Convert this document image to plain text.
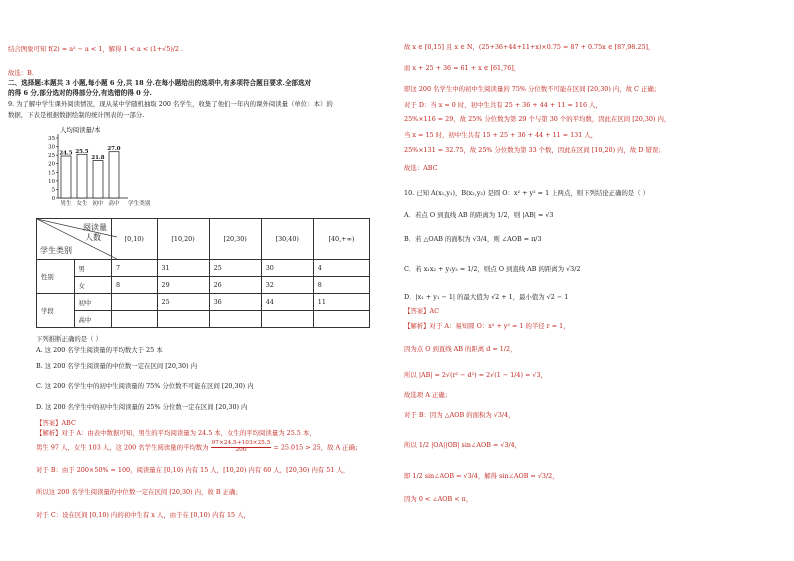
结合图象可知 f(2) = a² − a < 1，解得 1 < a < (1+√5)/2 .
故选：B.
二、选择题:本题共 3 小题,每小题 6 分,共 18 分.在每小题给出的选项中,有多项符合题目要求.全部选对
的得 6 分,部分选对的得部分分,有选错的得 0 分.
9. 为了解中学生课外阅读情况，现从某中学随机抽取 200 名学生，收集了他们一年内的课外阅读量（单位：本）的
数据，下表是根据数据绘制的统计图表的一部分.
人均阅读量/本
0
5
10
15
20
25
30
35
24.5
男生
25.5
女生
21.8
初中
27.0
高中 学生类别
阅读量
人数
学生类别		[0,10)	[10,20)	[20,30)	[30,40)	[40,+∞)
性别	男	7	31	25	30	4
	女	8	29	26	32	8
学段	初中		25	36	44	11
	高中					
下列推断正确的是（ ）
A. 这 200 名学生阅读量的平均数大于 25 本
B. 这 200 名学生阅读量的中位数一定在区间 [20,30) 内
C. 这 200 名学生中的初中生阅读量的 75% 分位数不可能在区间 [20,30) 内
D. 这 200 名学生中的初中生阅读量的 25% 分位数一定在区间 [20,30) 内
【答案】ABC
【解析】对于 A：由表中数据可知，男生的平均阅读量为 24.5 本，女生的平均阅读量为 25.5 本，
男生 97 人，女生 103 人，这 200 名学生阅读量的平均数为 $\frac{97\times 24.5+103\times 25.5}{200} = 25.015 > 25$，故 A 正确；
对于 B：由于 200×50% = 100，阅读量在 [0,10) 内有 15 人，[10,20) 内有 60 人，[20,30) 内有 51 人，
所以这 200 名学生阅读量的中位数一定在区间 [20,30) 内，故 B 正确；
对于 C：设在区间 [0,10) 内的初中生有 x 人，由于在 [0,10) 内有 15 人，
故 x ∈ [0,15] 且 x ∈ N，(25+36+44+11+x)×0.75 = 87 + 0.75x ∈ [87,98.25]，
而 x + 25 + 36 = 61 + x ∈ [61,76]，
即这 200 名学生中的初中生阅读量的 75% 分位数不可能在区间 [20,30) 内，故 C 正确；
对于 D：当 x = 0 时，初中生共有 25 + 36 + 44 + 11 = 116 人，
25%×116 = 29，故 25% 分位数为第 29 个与第 30 个的平均数，因此在区间 [20,30) 内，
当 x = 15 时，初中生共有 15 + 25 + 36 + 44 + 11 = 131 人，
25%×131 = 32.75，故 25% 分位数为第 33 个数，因此在区间 [10,20) 内，故 D 错误；
故选：ABC
10. 已知 A(x₁,y₁)，B(x₂,y₂) 是圆 O：x² + y² = 1 上两点，则下列结论正确的是（ ）
A．若点 O 到直线 AB 的距离为 1/2，则 |AB| = √3
B．若 △OAB 的面积为 √3/4，则 ∠AOB = π/3
C．若 x₁x₂ + y₁y₂ = 1/2，则点 O 到直线 AB 的距离为 √3/2
D．|x₁ + y₁ − 1| 的最大值为 √2 + 1，最小值为 √2 − 1
【答案】AC
【解析】对于 A：易知圆 O：x² + y² = 1 的半径 r = 1，
因为点 O 到直线 AB 的距离 d = 1/2，
所以 |AB| = 2√(r² − d²) = 2√(1 − 1/4) = √3，
故选项 A 正确；
对于 B：因为 △AOB 的面积为 √3/4，
所以 1/2 |OA||OB| sin∠AOB = √3/4，
即 1/2 sin∠AOB = √3/4，解得 sin∠AOB = √3/2，
因为 0 < ∠AOB < π，
